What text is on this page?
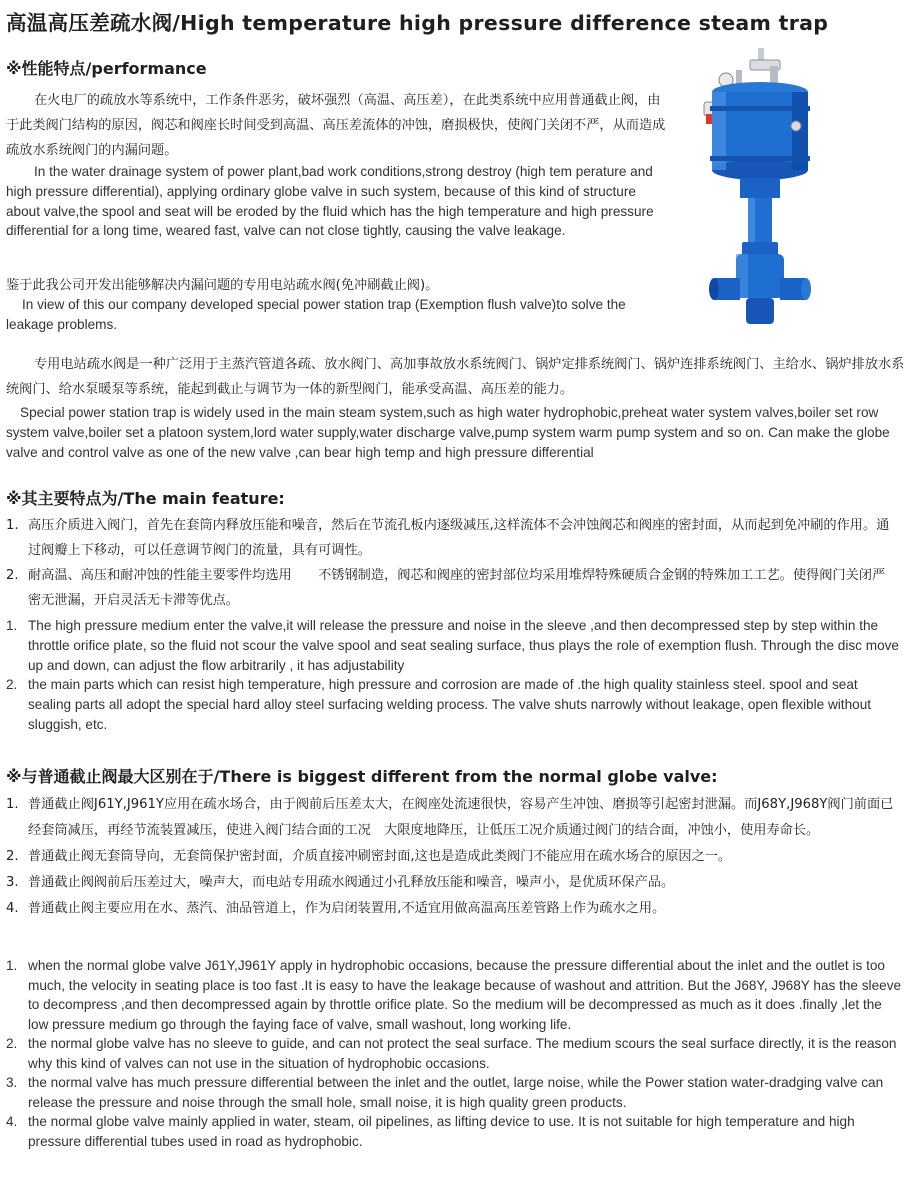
高温高压差疏水阀/High temperature high pressure difference steam trap
※性能特点/performance
在火电厂的疏放水等系统中，工作条件恶劣，破坏强烈（高温、高压差），在此类系统中应用普通截止阀，由于此类阀门结构的原因，阀芯和阀座长时间受到高温、高压差流体的冲蚀，磨损极快，使阀门关闭不严，从而造成疏放水系统阀门的内漏问题。
In the water drainage system of power plant,bad work conditions,strong destroy (high tem perature and high pressure differential), applying ordinary globe valve in such system, because of this kind of structure about valve,the spool and seat will be eroded by the fluid which has the high temperature and high pressure differential for a long time, weared fast, valve can not close tightly, causing the valve leakage.
鉴于此我公司开发出能够解决内漏问题的专用电站疏水阀(免冲刷截止阀)。
In view of this our company developed special power station trap (Exemption flush valve)to solve the leakage problems.
专用电站疏水阀是一种广泛用于主蒸汽管道各疏、放水阀门、高加事故放水系统阀门、锅炉定排系统阀门、锅炉连排系统阀门、主给水、锅炉排放水系统阀门、给水泵暖泵等系统，能起到截止与调节为一体的新型阀门，能承受高温、高压差的能力。
Special power station trap is widely used in the main steam system,such as high water hydrophobic,preheat water system valves,boiler set row system valve,boiler set a platoon system,lord water supply,water discharge valve,pump system warm pump system and so on. Can make the globe valve and control valve as one of the new valve ,can bear high temp and high pressure differential
※其主要特点为/The main feature:
1. 高压介质进入阀门，首先在套筒内释放压能和噪音，然后在节流孔板内逐级减压,这样流体不会冲蚀阀芯和阀座的密封面，从而起到免冲刷的作用。通过阀瓣上下移动，可以任意调节阀门的流量，具有可调性。
2. 耐高温、高压和耐冲蚀的性能主要零件均选用　　不锈钢制造，阀芯和阀座的密封部位均采用堆焊特殊硬质合金钢的特殊加工工艺。使得阀门关闭严密无泄漏，开启灵活无卡滞等优点。
1. The high pressure medium enter the valve,it will release the pressure and noise in the sleeve ,and then decompressed step by step within the throttle orifice plate, so the fluid not scour the valve spool and seat sealing surface, thus plays the role of exemption flush. Through the disc move up and down, can adjust the flow arbitrarily , it has adjustability
2. the main parts which can resist high temperature, high pressure and corrosion are made of .the high quality stainless steel. spool and seat sealing parts all adopt the special hard alloy steel surfacing welding process. The valve shuts narrowly without leakage, open flexible without sluggish, etc.
※与普通截止阀最大区别在于/There is biggest different from the normal globe valve:
1. 普通截止阀J61Y,J961Y应用在疏水场合，由于阀前后压差太大，在阀座处流速很快，容易产生冲蚀、磨损等引起密封泄漏。而J68Y,J968Y阀门前面已经套筒减压，再经节流装置减压，使进入阀门结合面的工况　大限度地降压，让低压工况介质通过阀门的结合面，冲蚀小，使用寿命长。
2. 普通截止阀无套筒导向，无套筒保护密封面，介质直接冲刷密封面,这也是造成此类阀门不能应用在疏水场合的原因之一。
3. 普通截止阀阀前后压差过大，噪声大，而电站专用疏水阀通过小孔释放压能和噪音，噪声小，是优质环保产品。
4. 普通截止阀主要应用在水、蒸汽、油品管道上，作为启闭装置用,不适宜用做高温高压差管路上作为疏水之用。
1. when the normal globe valve J61Y,J961Y apply in hydrophobic occasions, because the pressure differential about the inlet and the outlet is too much, the velocity in seating place is too fast .It is easy to have the leakage because of washout and attrition. But the J68Y, J968Y has the sleeve to decompress ,and then decompressed again by throttle orifice plate. So the medium will be decompressed as much as it does .finally ,let the low pressure medium go through the faying face of valve, small washout, long working life.
2. the normal globe valve has no sleeve to guide, and can not protect the seal surface. The medium scours the seal surface directly, it is the reason why this kind of valves can not use in the situation of hydrophobic occasions.
3. the normal valve has much pressure differential between the inlet and the outlet, large noise, while the Power station water-dradging valve can release the pressure and noise through the small hole, small noise, it is high quality green products.
4. the normal globe valve mainly applied in water, steam, oil pipelines, as lifting device to use. It is not suitable for high temperature and high pressure differential tubes used in road as hydrophobic.
